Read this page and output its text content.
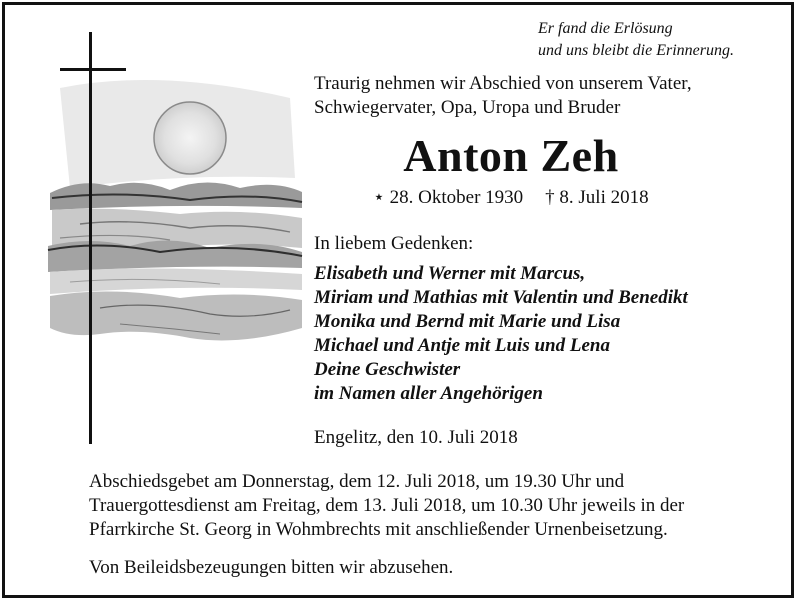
Er fand die Erlösung
und uns bleibt die Erinnerung.
Traurig nehmen wir Abschied von unserem Vater,
Schwiegervater, Opa, Uropa und Bruder
Anton Zeh
⋆ 28. Oktober 1930 † 8. Juli 2018
In liebem Gedenken:
Elisabeth und Werner mit Marcus,
Miriam und Mathias mit Valentin und Benedikt
Monika und Bernd mit Marie und Lisa
Michael und Antje mit Luis und Lena
Deine Geschwister
im Namen aller Angehörigen
Engelitz, den 10. Juli 2018
Abschiedsgebet am Donnerstag, dem 12. Juli 2018, um 19.30 Uhr und
Trauergottesdienst am Freitag, dem 13. Juli 2018, um 10.30 Uhr jeweils in der
Pfarrkirche St. Georg in Wohmbrechts mit anschließender Urnenbeisetzung.
Von Beileidsbezeugungen bitten wir abzusehen.
